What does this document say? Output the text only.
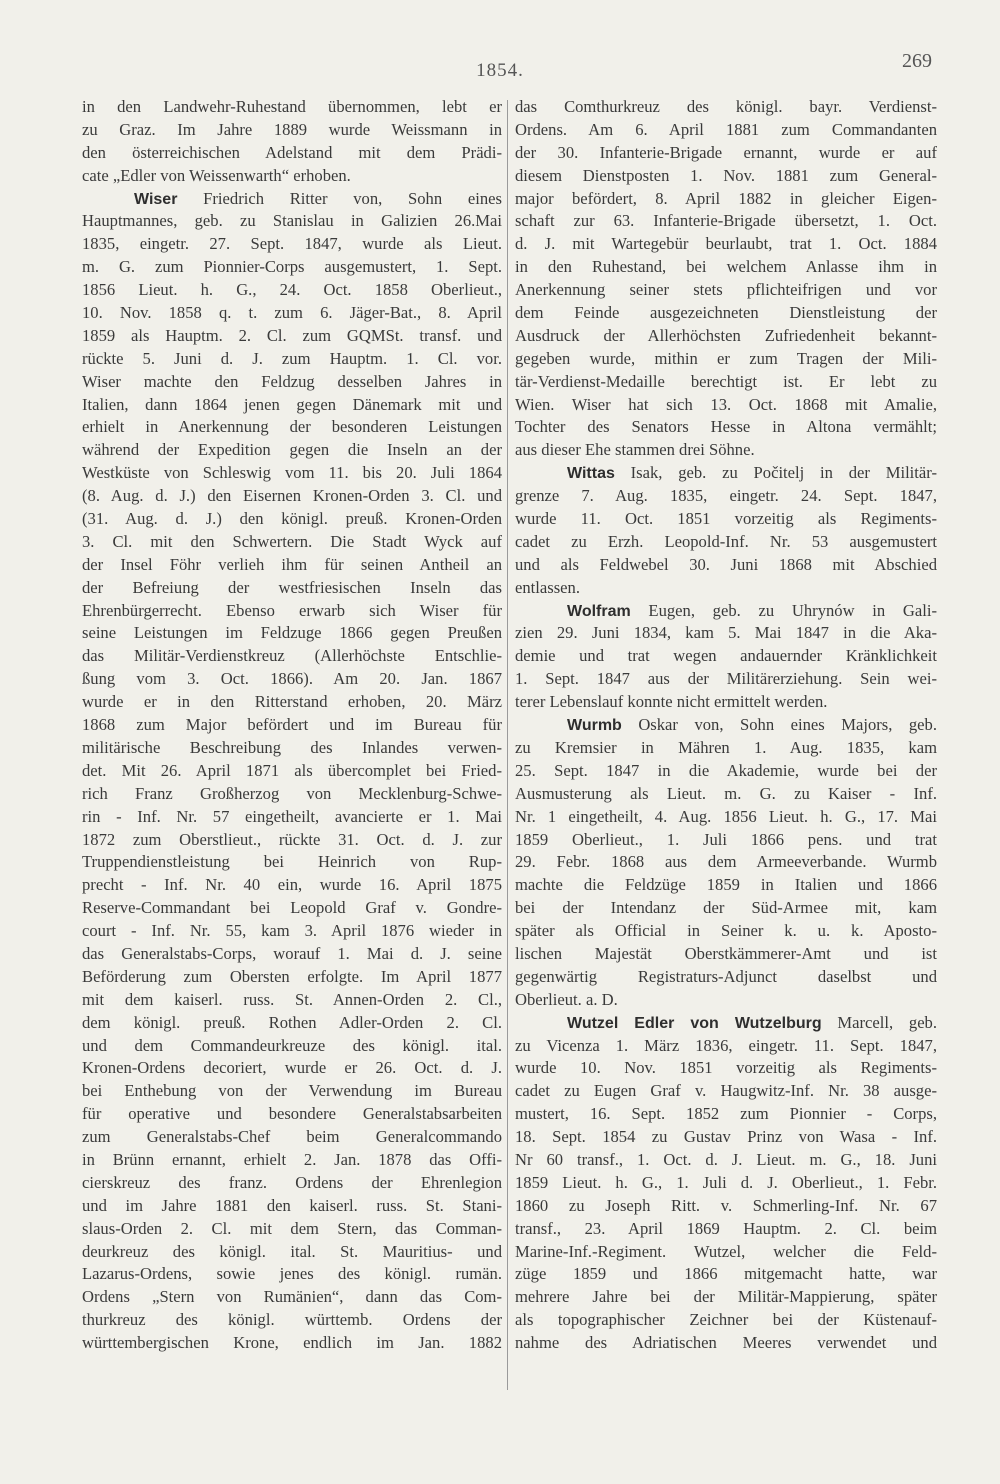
1854.	269
in den Landwehr-Ruhestand übernommen, lebt er
zu Graz. Im Jahre 1889 wurde Weissmann in
den österreichischen Adelstand mit dem Prädi-
cate „Edler von Weissenwarth“ erhoben.
Wiser Friedrich Ritter von, Sohn eines
Hauptmannes, geb. zu Stanislau in Galizien 26.Mai
1835, eingetr. 27. Sept. 1847, wurde als Lieut.
m. G. zum Pionnier-Corps ausgemustert, 1. Sept.
1856 Lieut. h. G., 24. Oct. 1858 Oberlieut.,
10. Nov. 1858 q. t. zum 6. Jäger-Bat., 8. April
1859 als Hauptm. 2. Cl. zum GQMSt. transf. und
rückte 5. Juni d. J. zum Hauptm. 1. Cl. vor.
Wiser machte den Feldzug desselben Jahres in
Italien, dann 1864 jenen gegen Dänemark mit und
erhielt in Anerkennung der besonderen Leistungen
während der Expedition gegen die Inseln an der
Westküste von Schleswig vom 11. bis 20. Juli 1864
(8. Aug. d. J.) den Eisernen Kronen-Orden 3. Cl. und
(31. Aug. d. J.) den königl. preuß. Kronen-Orden
3. Cl. mit den Schwertern. Die Stadt Wyck auf
der Insel Föhr verlieh ihm für seinen Antheil an
der Befreiung der westfriesischen Inseln das
Ehrenbürgerrecht. Ebenso erwarb sich Wiser für
seine Leistungen im Feldzuge 1866 gegen Preußen
das Militär-Verdienstkreuz (Allerhöchste Entschlie-
ßung vom 3. Oct. 1866). Am 20. Jan. 1867
wurde er in den Ritterstand erhoben, 20. März
1868 zum Major befördert und im Bureau für
militärische Beschreibung des Inlandes verwen-
det. Mit 26. April 1871 als übercomplet bei Fried-
rich Franz Großherzog von Mecklenburg-Schwe-
rin - Inf. Nr. 57 eingetheilt, avancierte er 1. Mai
1872 zum Oberstlieut., rückte 31. Oct. d. J. zur
Truppendienstleistung bei Heinrich von Rup-
precht - Inf. Nr. 40 ein, wurde 16. April 1875
Reserve-Commandant bei Leopold Graf v. Gondre-
court - Inf. Nr. 55, kam 3. April 1876 wieder in
das Generalstabs-Corps, worauf 1. Mai d. J. seine
Beförderung zum Obersten erfolgte. Im April 1877
mit dem kaiserl. russ. St. Annen-Orden 2. Cl.,
dem königl. preuß. Rothen Adler-Orden 2. Cl.
und dem Commandeurkreuze des königl. ital.
Kronen-Ordens decoriert, wurde er 26. Oct. d. J.
bei Enthebung von der Verwendung im Bureau
für operative und besondere Generalstabsarbeiten
zum Generalstabs-Chef beim Generalcommando
in Brünn ernannt, erhielt 2. Jan. 1878 das Offi-
cierskreuz des franz. Ordens der Ehrenlegion
und im Jahre 1881 den kaiserl. russ. St. Stani-
slaus-Orden 2. Cl. mit dem Stern, das Comman-
deurkreuz des königl. ital. St. Mauritius- und
Lazarus-Ordens, sowie jenes des königl. rumän.
Ordens „Stern von Rumänien“, dann das Com-
thurkreuz des königl. württemb. Ordens der
württembergischen Krone, endlich im Jan. 1882
das Comthurkreuz des königl. bayr. Verdienst-
Ordens. Am 6. April 1881 zum Commandanten
der 30. Infanterie-Brigade ernannt, wurde er auf
diesem Dienstposten 1. Nov. 1881 zum General-
major befördert, 8. April 1882 in gleicher Eigen-
schaft zur 63. Infanterie-Brigade übersetzt, 1. Oct.
d. J. mit Wartegebür beurlaubt, trat 1. Oct. 1884
in den Ruhestand, bei welchem Anlasse ihm in
Anerkennung seiner stets pflichteifrigen und vor
dem Feinde ausgezeichneten Dienstleistung der
Ausdruck der Allerhöchsten Zufriedenheit bekannt-
gegeben wurde, mithin er zum Tragen der Mili-
tär-Verdienst-Medaille berechtigt ist. Er lebt zu
Wien. Wiser hat sich 13. Oct. 1868 mit Amalie,
Tochter des Senators Hesse in Altona vermählt;
aus dieser Ehe stammen drei Söhne.
Wittas Isak, geb. zu Počitelj in der Militär-
grenze 7. Aug. 1835, eingetr. 24. Sept. 1847,
wurde 11. Oct. 1851 vorzeitig als Regiments-
cadet zu Erzh. Leopold-Inf. Nr. 53 ausgemustert
und als Feldwebel 30. Juni 1868 mit Abschied
entlassen.
Wolfram Eugen, geb. zu Uhrynów in Gali-
zien 29. Juni 1834, kam 5. Mai 1847 in die Aka-
demie und trat wegen andauernder Kränklichkeit
1. Sept. 1847 aus der Militärerziehung. Sein wei-
terer Lebenslauf konnte nicht ermittelt werden.
Wurmb Oskar von, Sohn eines Majors, geb.
zu Kremsier in Mähren 1. Aug. 1835, kam
25. Sept. 1847 in die Akademie, wurde bei der
Ausmusterung als Lieut. m. G. zu Kaiser - Inf.
Nr. 1 eingetheilt, 4. Aug. 1856 Lieut. h. G., 17. Mai
1859 Oberlieut., 1. Juli 1866 pens. und trat
29. Febr. 1868 aus dem Armeeverbande. Wurmb
machte die Feldzüge 1859 in Italien und 1866
bei der Intendanz der Süd-Armee mit, kam
später als Official in Seiner k. u. k. Aposto-
lischen Majestät Oberstkämmerer-Amt und ist
gegenwärtig Registraturs-Adjunct daselbst und
Oberlieut. a. D.
Wutzel Edler von Wutzelburg Marcell, geb.
zu Vicenza 1. März 1836, eingetr. 11. Sept. 1847,
wurde 10. Nov. 1851 vorzeitig als Regiments-
cadet zu Eugen Graf v. Haugwitz-Inf. Nr. 38 ausge-
mustert, 16. Sept. 1852 zum Pionnier - Corps,
18. Sept. 1854 zu Gustav Prinz von Wasa - Inf.
Nr 60 transf., 1. Oct. d. J. Lieut. m. G., 18. Juni
1859 Lieut. h. G., 1. Juli d. J. Oberlieut., 1. Febr.
1860 zu Joseph Ritt. v. Schmerling-Inf. Nr. 67
transf., 23. April 1869 Hauptm. 2. Cl. beim
Marine-Inf.-Regiment. Wutzel, welcher die Feld-
züge 1859 und 1866 mitgemacht hatte, war
mehrere Jahre bei der Militär-Mappierung, später
als topographischer Zeichner bei der Küstenauf-
nahme des Adriatischen Meeres verwendet und
